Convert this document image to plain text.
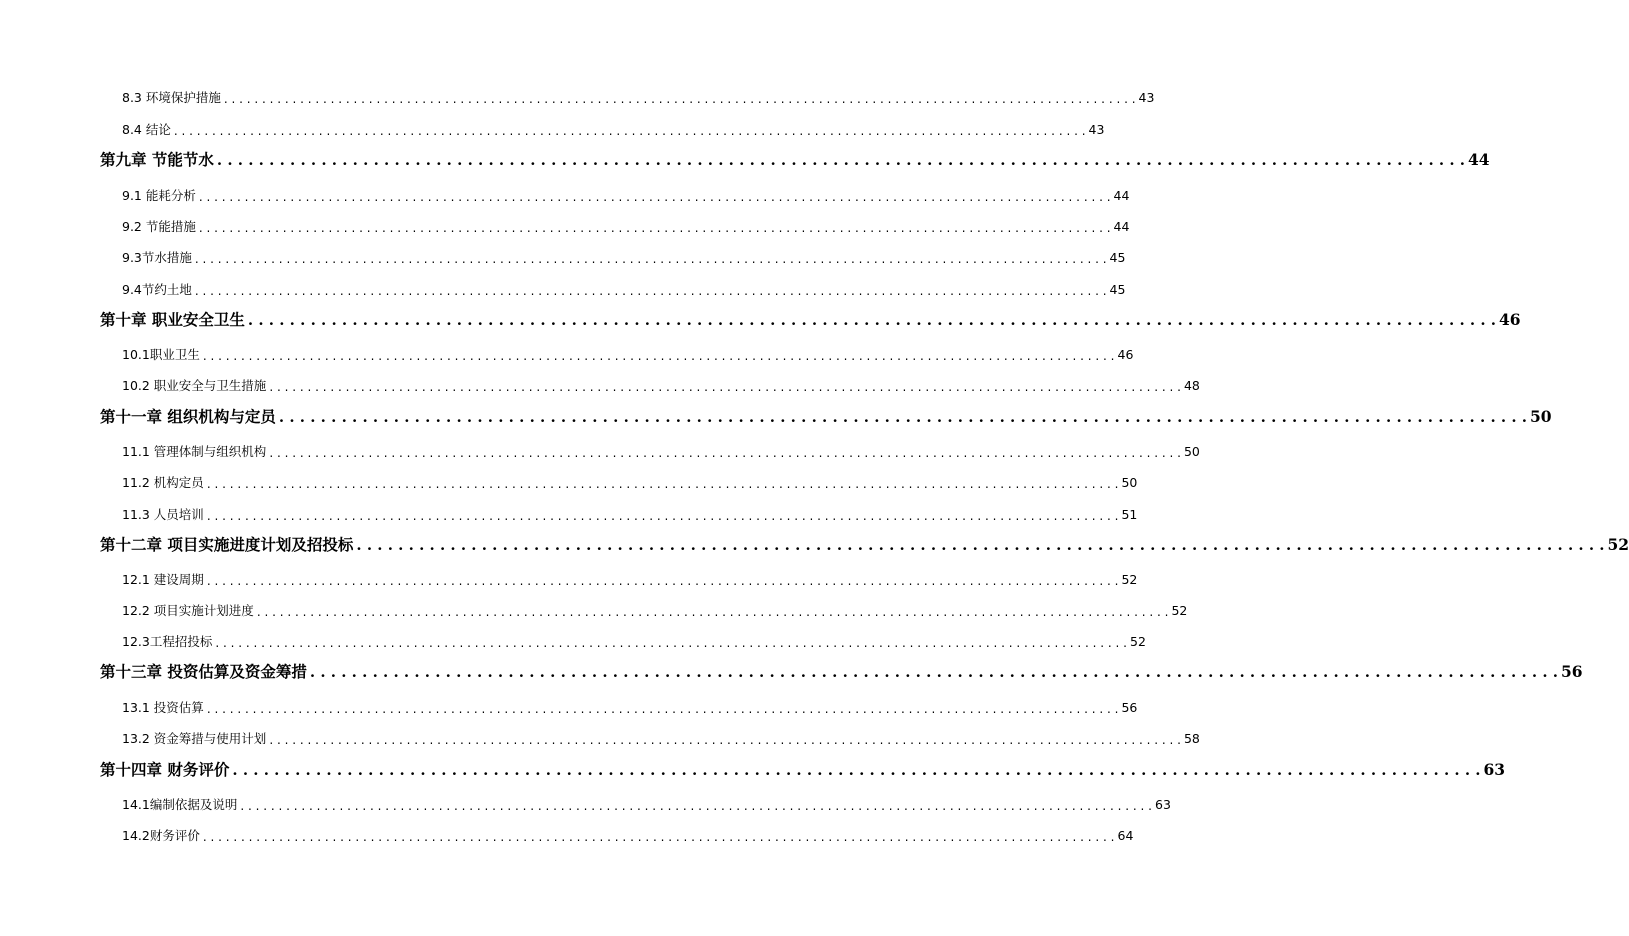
8.3 环境保护措施 . . . . . . . . . . . . . . . . . . . . . . . . . . . . . . . . . . . . . . . . . . . . . . . . . . . . . . . . . . . . . . . . . . . . . . . . . . . . . . . . . . . . . . . . . . . . . . . . . . . . . . . . . . . . . . . . . . . . . . . . 43
8.4 结论 . . . . . . . . . . . . . . . . . . . . . . . . . . . . . . . . . . . . . . . . . . . . . . . . . . . . . . . . . . . . . . . . . . . . . . . . . . . . . . . . . . . . . . . . . . . . . . . . . . . . . . . . . . . . . . . . . . . . . . . . 43
第九章 节能节水 . . . . . . . . . . . . . . . . . . . . . . . . . . . . . . . . . . . . . . . . . . . . . . . . . . . . . . . . . . . . . . . . . . . . . . . . . . . . . . . . . . . . . . . . . . . . . . . . . . . . . . . . . . . . . . . . . . . . . . . . 44
9.1 能耗分析 . . . . . . . . . . . . . . . . . . . . . . . . . . . . . . . . . . . . . . . . . . . . . . . . . . . . . . . . . . . . . . . . . . . . . . . . . . . . . . . . . . . . . . . . . . . . . . . . . . . . . . . . . . . . . . . . . . . . . . . . 44
9.2 节能措施 . . . . . . . . . . . . . . . . . . . . . . . . . . . . . . . . . . . . . . . . . . . . . . . . . . . . . . . . . . . . . . . . . . . . . . . . . . . . . . . . . . . . . . . . . . . . . . . . . . . . . . . . . . . . . . . . . . . . . . . . 44
9.3节水措施 . . . . . . . . . . . . . . . . . . . . . . . . . . . . . . . . . . . . . . . . . . . . . . . . . . . . . . . . . . . . . . . . . . . . . . . . . . . . . . . . . . . . . . . . . . . . . . . . . . . . . . . . . . . . . . . . . . . . . . . . 45
9.4节约土地 . . . . . . . . . . . . . . . . . . . . . . . . . . . . . . . . . . . . . . . . . . . . . . . . . . . . . . . . . . . . . . . . . . . . . . . . . . . . . . . . . . . . . . . . . . . . . . . . . . . . . . . . . . . . . . . . . . . . . . . . 45
第十章 职业安全卫生 . . . . . . . . . . . . . . . . . . . . . . . . . . . . . . . . . . . . . . . . . . . . . . . . . . . . . . . . . . . . . . . . . . . . . . . . . . . . . . . . . . . . . . . . . . . . . . . . . . . . . . . . . . . . . . . . . . . . . . . . 46
10.1职业卫生 . . . . . . . . . . . . . . . . . . . . . . . . . . . . . . . . . . . . . . . . . . . . . . . . . . . . . . . . . . . . . . . . . . . . . . . . . . . . . . . . . . . . . . . . . . . . . . . . . . . . . . . . . . . . . . . . . . . . . . . . 46
10.2 职业安全与卫生措施 . . . . . . . . . . . . . . . . . . . . . . . . . . . . . . . . . . . . . . . . . . . . . . . . . . . . . . . . . . . . . . . . . . . . . . . . . . . . . . . . . . . . . . . . . . . . . . . . . . . . . . . . . . . . . . . . . . . . . . . . 48
第十一章 组织机构与定员 . . . . . . . . . . . . . . . . . . . . . . . . . . . . . . . . . . . . . . . . . . . . . . . . . . . . . . . . . . . . . . . . . . . . . . . . . . . . . . . . . . . . . . . . . . . . . . . . . . . . . . . . . . . . . . . . . . . . . . . . 50
11.1 管理体制与组织机构 . . . . . . . . . . . . . . . . . . . . . . . . . . . . . . . . . . . . . . . . . . . . . . . . . . . . . . . . . . . . . . . . . . . . . . . . . . . . . . . . . . . . . . . . . . . . . . . . . . . . . . . . . . . . . . . . . . . . . . . . 50
11.2 机构定员 . . . . . . . . . . . . . . . . . . . . . . . . . . . . . . . . . . . . . . . . . . . . . . . . . . . . . . . . . . . . . . . . . . . . . . . . . . . . . . . . . . . . . . . . . . . . . . . . . . . . . . . . . . . . . . . . . . . . . . . . 50
11.3 人员培训 . . . . . . . . . . . . . . . . . . . . . . . . . . . . . . . . . . . . . . . . . . . . . . . . . . . . . . . . . . . . . . . . . . . . . . . . . . . . . . . . . . . . . . . . . . . . . . . . . . . . . . . . . . . . . . . . . . . . . . . . 51
第十二章 项目实施进度计划及招投标 . . . . . . . . . . . . . . . . . . . . . . . . . . . . . . . . . . . . . . . . . . . . . . . . . . . . . . . . . . . . . . . . . . . . . . . . . . . . . . . . . . . . . . . . . . . . . . . . . . . . . . . . . . . . . . . . . . . . . . . . 52
12.1 建设周期 . . . . . . . . . . . . . . . . . . . . . . . . . . . . . . . . . . . . . . . . . . . . . . . . . . . . . . . . . . . . . . . . . . . . . . . . . . . . . . . . . . . . . . . . . . . . . . . . . . . . . . . . . . . . . . . . . . . . . . . . 52
12.2 项目实施计划进度 . . . . . . . . . . . . . . . . . . . . . . . . . . . . . . . . . . . . . . . . . . . . . . . . . . . . . . . . . . . . . . . . . . . . . . . . . . . . . . . . . . . . . . . . . . . . . . . . . . . . . . . . . . . . . . . . . . . . . . . . 52
12.3工程招投标 . . . . . . . . . . . . . . . . . . . . . . . . . . . . . . . . . . . . . . . . . . . . . . . . . . . . . . . . . . . . . . . . . . . . . . . . . . . . . . . . . . . . . . . . . . . . . . . . . . . . . . . . . . . . . . . . . . . . . . . . 52
第十三章 投资估算及资金筹措 . . . . . . . . . . . . . . . . . . . . . . . . . . . . . . . . . . . . . . . . . . . . . . . . . . . . . . . . . . . . . . . . . . . . . . . . . . . . . . . . . . . . . . . . . . . . . . . . . . . . . . . . . . . . . . . . . . . . . . . . 56
13.1 投资估算 . . . . . . . . . . . . . . . . . . . . . . . . . . . . . . . . . . . . . . . . . . . . . . . . . . . . . . . . . . . . . . . . . . . . . . . . . . . . . . . . . . . . . . . . . . . . . . . . . . . . . . . . . . . . . . . . . . . . . . . . 56
13.2 资金筹措与使用计划 . . . . . . . . . . . . . . . . . . . . . . . . . . . . . . . . . . . . . . . . . . . . . . . . . . . . . . . . . . . . . . . . . . . . . . . . . . . . . . . . . . . . . . . . . . . . . . . . . . . . . . . . . . . . . . . . . . . . . . . . 58
第十四章 财务评价 . . . . . . . . . . . . . . . . . . . . . . . . . . . . . . . . . . . . . . . . . . . . . . . . . . . . . . . . . . . . . . . . . . . . . . . . . . . . . . . . . . . . . . . . . . . . . . . . . . . . . . . . . . . . . . . . . . . . . . . . 63
14.1编制依据及说明 . . . . . . . . . . . . . . . . . . . . . . . . . . . . . . . . . . . . . . . . . . . . . . . . . . . . . . . . . . . . . . . . . . . . . . . . . . . . . . . . . . . . . . . . . . . . . . . . . . . . . . . . . . . . . . . . . . . . . . . . 63
14.2财务评价 . . . . . . . . . . . . . . . . . . . . . . . . . . . . . . . . . . . . . . . . . . . . . . . . . . . . . . . . . . . . . . . . . . . . . . . . . . . . . . . . . . . . . . . . . . . . . . . . . . . . . . . . . . . . . . . . . . . . . . . . 64
